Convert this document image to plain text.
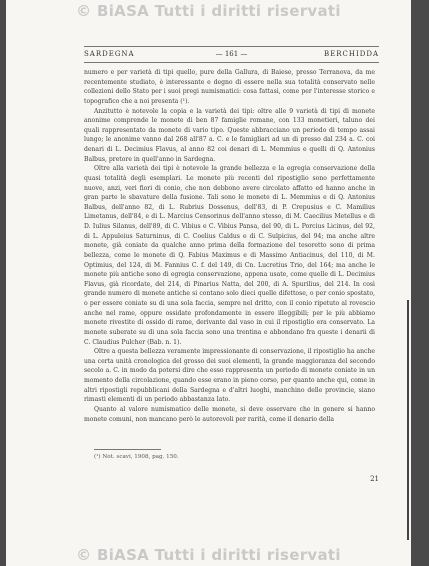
© BiASA Tutti i diritti riservati
SARDEGNA	— 161 —	BERCHIDDA

numero e per varietà di tipi quello, pure della Gallura, di Baiese, presso Terranova, da me recentemente studiato, è interessante e degno di essere nella sua totalità conservato nelle collezioni dello Stato per i suoi pregi numismatici: cosa fattasi, come per l'interesse storico e topografico che a noi presenta (¹).

Anzitutto è notevole la copia e la varietà dei tipi: oltre alle 9 varietà di tipi di monete anonime comprende le monete di ben 87 famiglie romane, con 133 monetieri, taluno dei quali rappresentato da monete di vario tipo. Queste abbracciano un periodo di tempo assai lungo; le anonime vanno dal 268 all'87 a. C. e le famigliari ad un di presso dal 234 a. C. coi denari di L. Decimius Flavus, al anno 82 coi denari di L. Memmius e quelli di Q. Antonius Balbus, pretore in quell'anno in Sardegna.

Oltre alla varietà dei tipi è notevole la grande bellezza e la egregia conservazione della quasi totalità degli esemplari. Le monete più recenti del ripostiglio sono perfettamente nuove, anzi, veri fiori di conio, che non debbono avere circolato affatto ed hanno anche in gran parte le sbavature della fusione. Tali sono le monete di L. Memmius e di Q. Antonius Balbus, dell'anno 82, di L. Rubrius Dossenus, dell'83, di P. Crepusius e C. Mamilius Limetanus, dell'84, e di L. Marcius Censorinus dell'anno stesso, di M. Caecilius Metellus e di D. Iulius Silanus, dell'89, di C. Vibius e C. Vibius Pansa, del 90, di L. Porcius Licinus, del 92, di L. Appuleius Saturninus, di C. Coelius Caldus e di C. Sulpicius, del 94; ma anche altre monete, già coniate da qualche anno prima della formazione del tesoretto sono di prima bellezza, come le monete di Q. Fabius Maximus e di Massimo Antiacinus, del 110, di M. Optimius, del 124, di M. Fannius C. f. del 149, di Cn. Lucretius Trio, del 164; ma anche le monete più antiche sono di egregia conservazione, appena usate, come quelle di L. Decimius Flavus, già ricordate, del 214, di Pinarius Natta, del 200, di A. Spurilius, del 214. In così grande numero di monete antiche si contano solo dieci quelle difettose, o per conio spostato, o per essere coniate su di una sola faccia, sempre nel dritto, con il conio ripetuto al rovescio anche nel rame, oppure ossidate profondamente in essere illeggibili; per le più abbiamo monete rivestite di ossido di rame, derivante dal vaso in cui il ripostiglio era conservato. La monete suberate su di una sola faccia sono una trentina e abbondano fra queste i denarii di C. Claudius Pulcher (Bab. n. 1).

Oltre a questa bellezza veramente impressionante di conservazione, il ripostiglio ha anche una certa unità cronologica del grosso dei suoi elementi, la grande maggioranza del secondo secolo a. C. in modo da potersi dire che esso rappresenta un periodo di monete coniate in un momento della circolazione, quando esse erano in pieno corso, per quanto anche qui, come in altri ripostigli repubblicani della Sardegna e d'altri luoghi, manchino delle provincie, siano rimasti elementi di un periodo abbastanza lato.

Quanto al valore numismatico delle monete, si deve osservare che in genere si hanno monete comuni, non mancano però le autorevoli per rarità, come il denario della

(¹) Not. scavi, 1908, pag. 150.
21
© BiASA Tutti i diritti riservati
